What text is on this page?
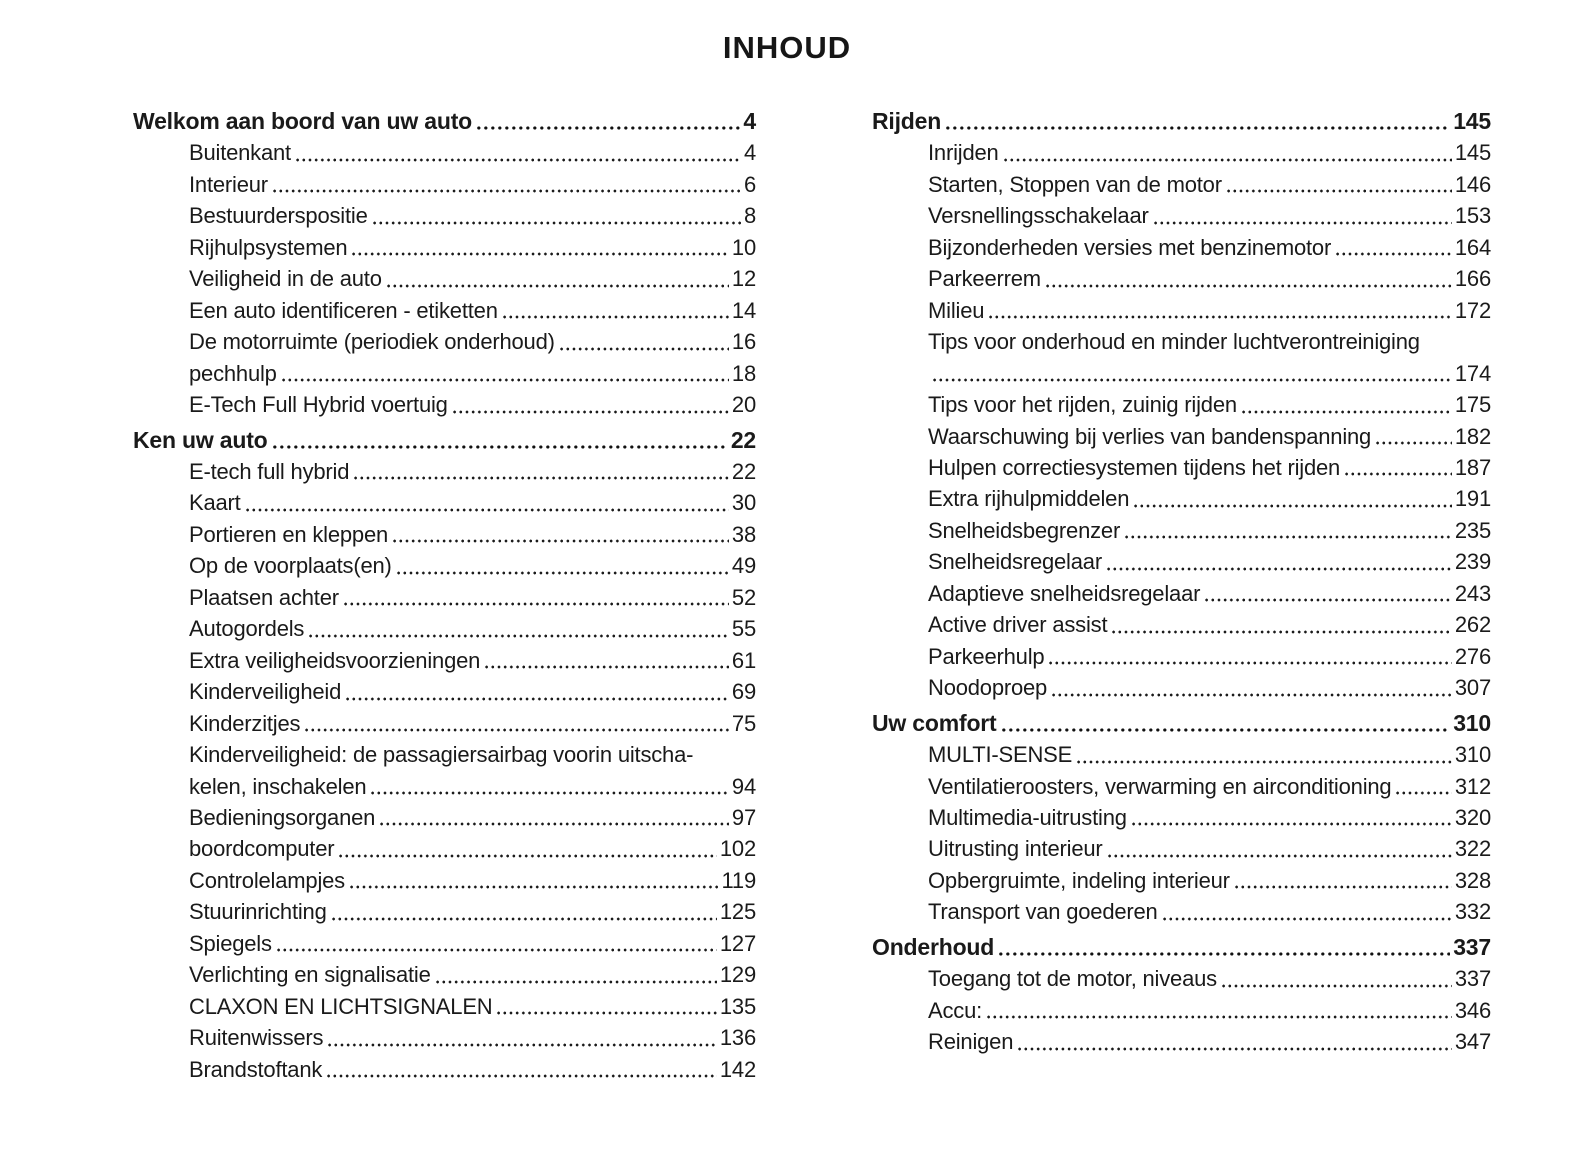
INHOUD
Welkom aan boord van uw auto	4
Buitenkant	4
Interieur	6
Bestuurderspositie	8
Rijhulpsystemen	10
Veiligheid in de auto	12
Een auto identificeren - etiketten	14
De motorruimte (periodiek onderhoud)	16
pechhulp	18
E-Tech Full Hybrid voertuig	20
Ken uw auto	22
E-tech full hybrid	22
Kaart	30
Portieren en kleppen	38
Op de voorplaats(en)	49
Plaatsen achter	52
Autogordels	55
Extra veiligheidsvoorzieningen	61
Kinderveiligheid	69
Kinderzitjes	75
Kinderveiligheid: de passagiersairbag voorin uitscha-
kelen, inschakelen	94
Bedieningsorganen	97
boordcomputer	102
Controlelampjes	119
Stuurinrichting	125
Spiegels	127
Verlichting en signalisatie	129
CLAXON EN LICHTSIGNALEN	135
Ruitenwissers	136
Brandstoftank	142
Rijden	145
Inrijden	145
Starten, Stoppen van de motor	146
Versnellingsschakelaar	153
Bijzonderheden versies met benzinemotor	164
Parkeerrem	166
Milieu	172
Tips voor onderhoud en minder luchtverontreiniging
174
Tips voor het rijden, zuinig rijden	175
Waarschuwing bij verlies van bandenspanning	182
Hulpen correctiesystemen tijdens het rijden	187
Extra rijhulpmiddelen	191
Snelheidsbegrenzer	235
Snelheidsregelaar	239
Adaptieve snelheidsregelaar	243
Active driver assist	262
Parkeerhulp	276
Noodoproep	307
Uw comfort	310
MULTI-SENSE	310
Ventilatieroosters, verwarming en airconditioning	312
Multimedia-uitrusting	320
Uitrusting interieur	322
Opbergruimte, indeling interieur	328
Transport van goederen	332
Onderhoud	337
Toegang tot de motor, niveaus	337
Accu:	346
Reinigen	347
